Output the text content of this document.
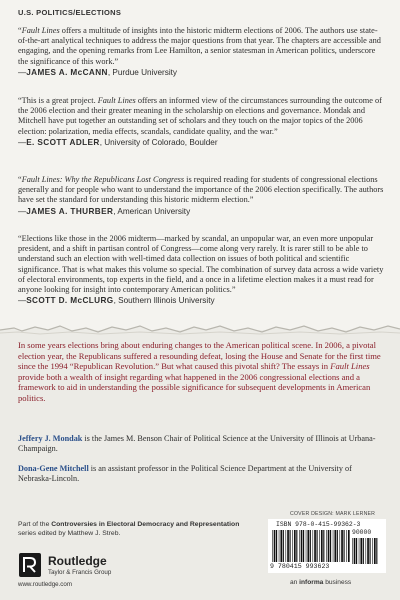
U.S. POLITICS/ELECTIONS
“Fault Lines offers a multitude of insights into the historic midterm elections of 2006. The authors use state-of-the-art analytical techniques to address the major questions from that year. The chapters are accessible and engaging, and the opening remarks from Lee Hamilton, a senior statesman in American politics, underscore the significance of this work.”
—JAMES A. McCANN, Purdue University
“This is a great project. Fault Lines offers an informed view of the circumstances surrounding the outcome of the 2006 election and their greater meaning in the scholarship on elections and governance. Mondak and Mitchell have put together an outstanding set of scholars and they touch on the major topics of the 2006 election: polarization, media effects, scandals, candidate quality, and the war.”
—E. SCOTT ADLER, University of Colorado, Boulder
“Fault Lines: Why the Republicans Lost Congress is required reading for students of congressional elections generally and for people who want to understand the importance of the 2006 election specifically. The authors have set the standard for understanding this historic midterm election.”
—JAMES A. THURBER, American University
“Elections like those in the 2006 midterm—marked by scandal, an unpopular war, an even more unpopular president, and a shift in partisan control of Congress—come along very rarely. It is rarer still to be able to understand such an election with well-timed data collection on issues of both political and scientific significance. That is what makes this volume so special. The combination of survey data across a wide variety of electoral environments, top experts in the field, and a once in a lifetime election makes it a must read for anyone looking for insight into contemporary American politics.”
—SCOTT D. McCLURG, Southern Illinois University
In some years elections bring about enduring changes to the American political scene. In 2006, a pivotal election year, the Republicans suffered a resounding defeat, losing the House and Senate for the first time since the 1994 “Republican Revolution.” But what caused this pivotal shift? The essays in Fault Lines provide both a wealth of insight regarding what happened in the 2006 congressional elections and a framework to aid in understanding the possible significance for subsequent developments in American politics.
Jeffery J. Mondak is the James M. Benson Chair of Political Science at the University of Illinois at Urbana-Champaign.
Dona-Gene Mitchell is an assistant professor in the Political Science Department at the University of Nebraska-Lincoln.
Part of the Controversies in Electoral Democracy and Representation series edited by Matthew J. Streb.
Routledge
Taylor & Francis Group
www.routledge.com
COVER DESIGN: MARK LERNER
ISBN 978-0-415-99362-3
90000
9 780415 993623
an informa business
